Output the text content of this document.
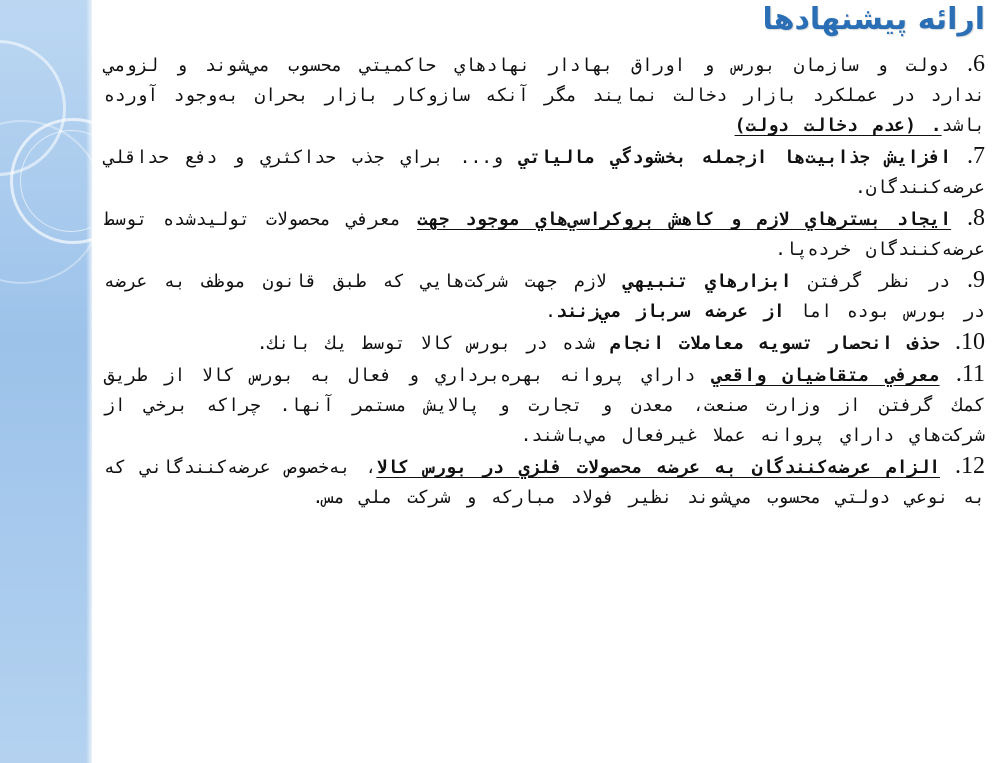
ارائه پيشنهادها

6. دولت و سازمان بورس و اوراق بهادار نهادهاي حاكميتي محسوب مي‌شوند و لزومي ندارد در عملكرد بازار دخالت نمايند مگر آنكه سازوكار بازار بحران به‌وجود آورده باشد. (عدم دخالت دولت)

7. افزايش جذابيت‌ها ازجمله بخشودگي مالياتي و... براي جذب حداكثري و دفع حداقلي عرضه‌كنندگان.

8. ايجاد بسترهاي لازم و كاهش بروكراسي‌هاي موجود جهت معرفي محصولات توليدشده توسط عرضه‌كنندگان خرده‌پا.

9. در نظر گرفتن ابزارهاي تنبيهي لازم جهت شركت‌هايي كه طبق قانون موظف به عرضه در بورس بوده اما از عرضه سرباز مي‌زنند.

10. حذف انحصار تسويه معاملات انجام شده در بورس كالا توسط يك بانك.

11. معرفي متقاضيان واقعي داراي پروانه بهره‌برداري و فعال به بورس كالا از طريق كمك گرفتن از وزارت صنعت، معدن و تجارت و پالايش مستمر آنها. چراكه برخي از شركت‌هاي داراي پروانه عملا غيرفعال مي‌باشند.

12. الزام عرضه‌كنندگان به عرضه محصولات فلزي در بورس كالا، به‌خصوص عرضه‌كنندگاني كه به نوعي دولتي محسوب مي‌شوند نظير فولاد مباركه و شركت ملي مس.
